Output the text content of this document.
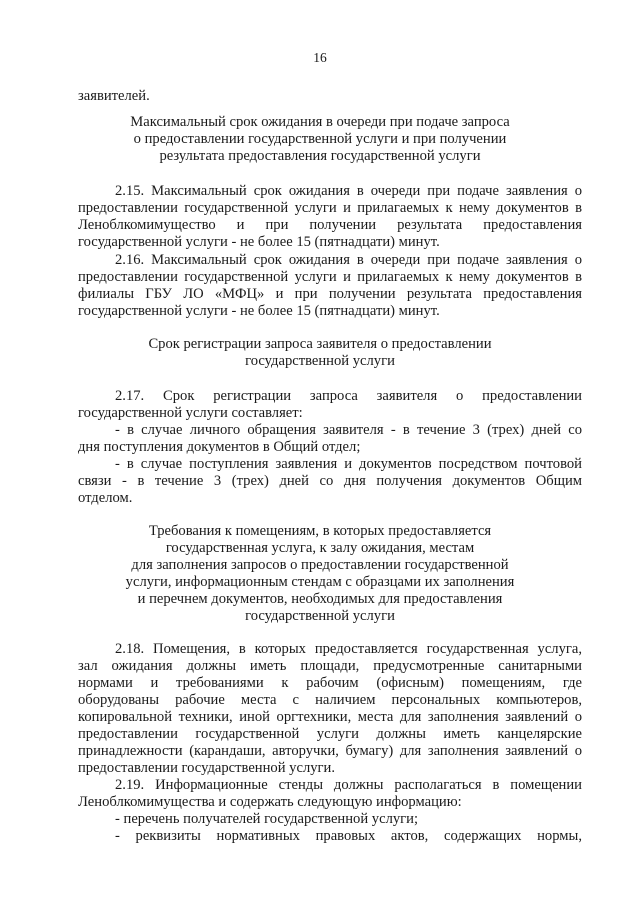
16
заявителей.
Максимальный срок ожидания в очереди при подаче запроса
о предоставлении государственной услуги и при получении
результата предоставления государственной услуги
2.15. Максимальный срок ожидания в очереди при подаче заявления о
предоставлении государственной услуги и прилагаемых к нему документов в
Леноблкомимущество и при получении результата предоставления
государственной услуги - не более 15 (пятнадцати) минут.
2.16. Максимальный срок ожидания в очереди при подаче заявления о
предоставлении государственной услуги и прилагаемых к нему документов в
филиалы ГБУ ЛО «МФЦ» и при получении результата предоставления
государственной услуги - не более 15 (пятнадцати) минут.
Срок регистрации запроса заявителя о предоставлении
государственной услуги
2.17. Срок регистрации запроса заявителя о предоставлении
государственной услуги составляет:
- в случае личного обращения заявителя - в течение 3 (трех) дней со
дня поступления документов в Общий отдел;
- в случае поступления заявления и документов посредством почтовой
связи - в течение 3 (трех) дней со дня получения документов Общим
отделом.
Требования к помещениям, в которых предоставляется
государственная услуга, к залу ожидания, местам
для заполнения запросов о предоставлении государственной
услуги, информационным стендам с образцами их заполнения
и перечнем документов, необходимых для предоставления
государственной услуги
2.18. Помещения, в которых предоставляется государственная услуга,
зал ожидания должны иметь площади, предусмотренные санитарными
нормами и требованиями к рабочим (офисным) помещениям, где
оборудованы рабочие места с наличием персональных компьютеров,
копировальной техники, иной оргтехники, места для заполнения заявлений о
предоставлении государственной услуги должны иметь канцелярские
принадлежности (карандаши, авторучки, бумагу) для заполнения заявлений о
предоставлении государственной услуги.
2.19. Информационные стенды должны располагаться в помещении
Леноблкомимущества и содержать следующую информацию:
- перечень получателей государственной услуги;
- реквизиты нормативных правовых актов, содержащих нормы,
